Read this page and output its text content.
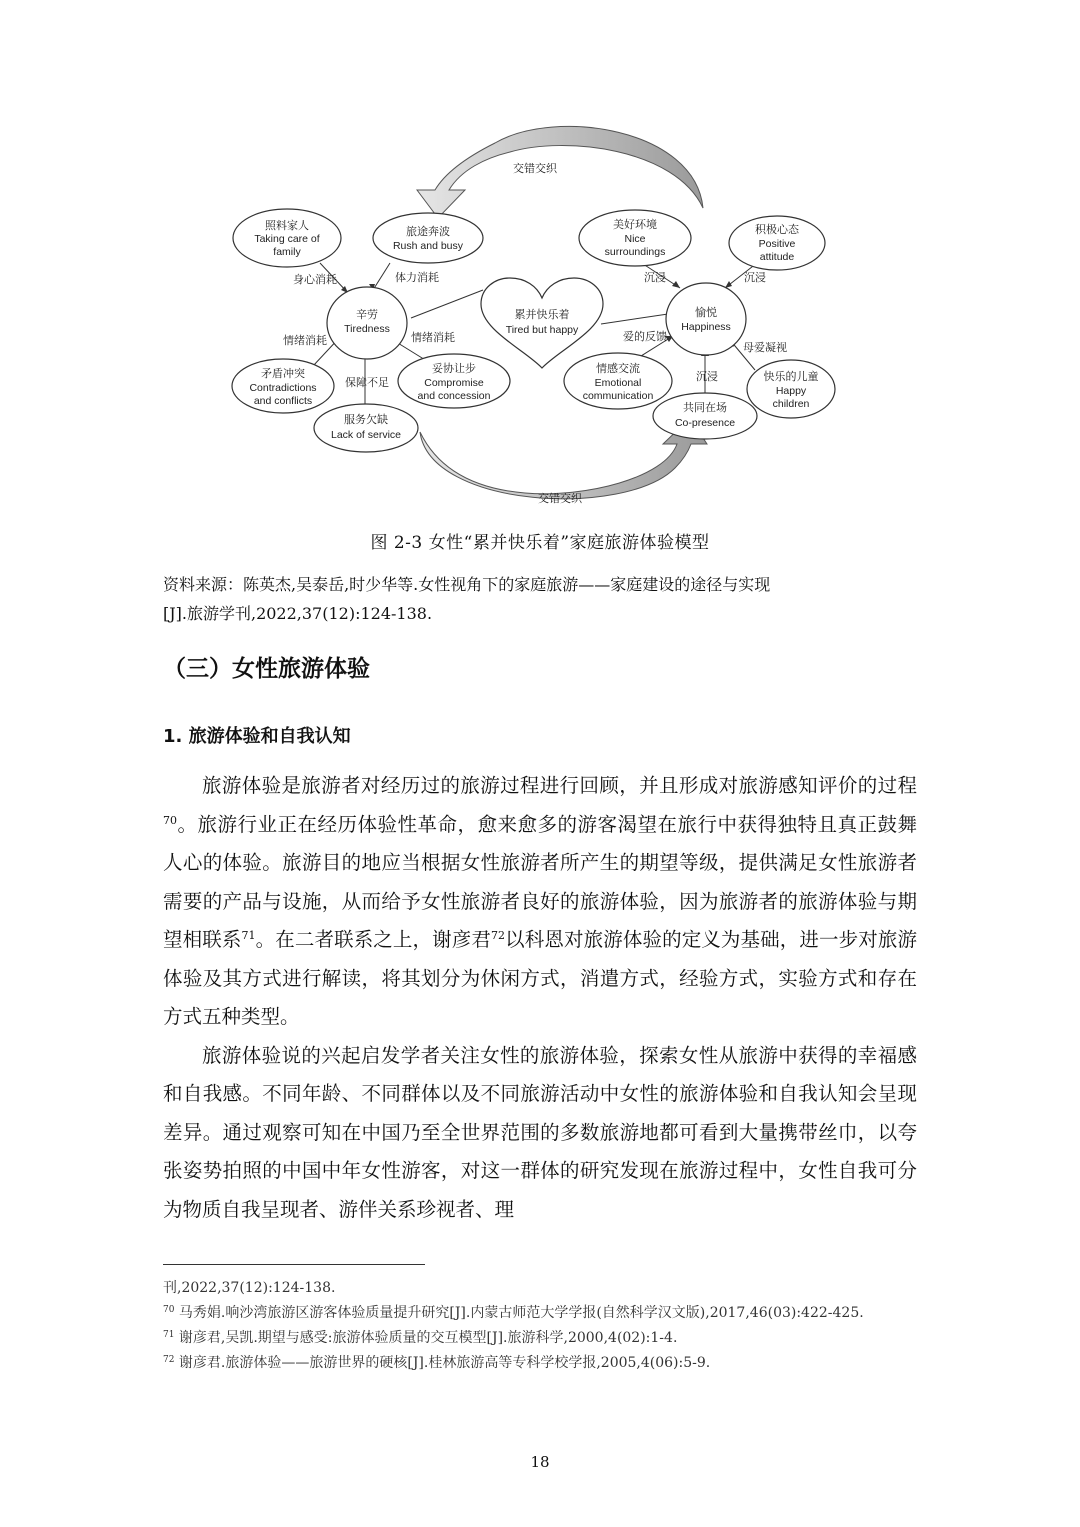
交错交织
交错交织
身心消耗	体力消耗	沉浸	沉浸
情绪消耗	情绪消耗	爱的反馈
母爱凝视
保障不足	沉浸
累并快乐着
Tired but happy
照料家人
Taking care of
family
旅途奔波
Rush and busy
美好环境
Nice
surroundings
积极心态
Positive
attitude
辛劳
Tiredness
愉悦
Happiness
矛盾冲突
Contradictions
and conflicts
妥协让步
Compromise
and concession
情感交流
Emotional
communication
快乐的儿童
Happy
children
服务欠缺
Lack of service
共同在场
Co-presence
图 2-3 女性“累并快乐着”家庭旅游体验模型
资料来源：陈英杰,吴泰岳,时少华等.女性视角下的家庭旅游——家庭建设的途径与实现
[J].旅游学刊,2022,37(12):124-138.
（三）女性旅游体验
1. 旅游体验和自我认知

旅游体验是旅游者对经历过的旅游过程进行回顾，并且形成对旅游感知评价的过程$^{70}$。旅游行业正在经历体验性革命，愈来愈多的游客渴望在旅行中获得独特且真正鼓舞人心的体验。旅游目的地应当根据女性旅游者所产生的期望等级，提供满足女性旅游者需要的产品与设施，从而给予女性旅游者良好的旅游体验，因为旅游者的旅游体验与期望相联系$^{71}$。在二者联系之上，谢彦君$^{72}$以科恩对旅游体验的定义为基础，进一步对旅游体验及其方式进行解读，将其划分为休闲方式，消遣方式，经验方式，实验方式和存在方式五种类型。

旅游体验说的兴起启发学者关注女性的旅游体验，探索女性从旅游中获得的幸福感和自我感。不同年龄、不同群体以及不同旅游活动中女性的旅游体验和自我认知会呈现差异。通过观察可知在中国乃至全世界范围的多数旅游地都可看到大量携带丝巾，以夸张姿势拍照的中国中年女性游客，对这一群体的研究发现在旅游过程中，女性自我可分为物质自我呈现者、游伴关系珍视者、理

刊,2022,37(12):124-138.
$^{70}$ 马秀娟.响沙湾旅游区游客体验质量提升研究[J].内蒙古师范大学学报(自然科学汉文版),2017,46(03):422-425.
$^{71}$ 谢彦君,吴凯.期望与感受:旅游体验质量的交互模型[J].旅游科学,2000,4(02):1-4.
$^{72}$ 谢彦君.旅游体验——旅游世界的硬核[J].桂林旅游高等专科学校学报,2005,4(06):5-9.
18
